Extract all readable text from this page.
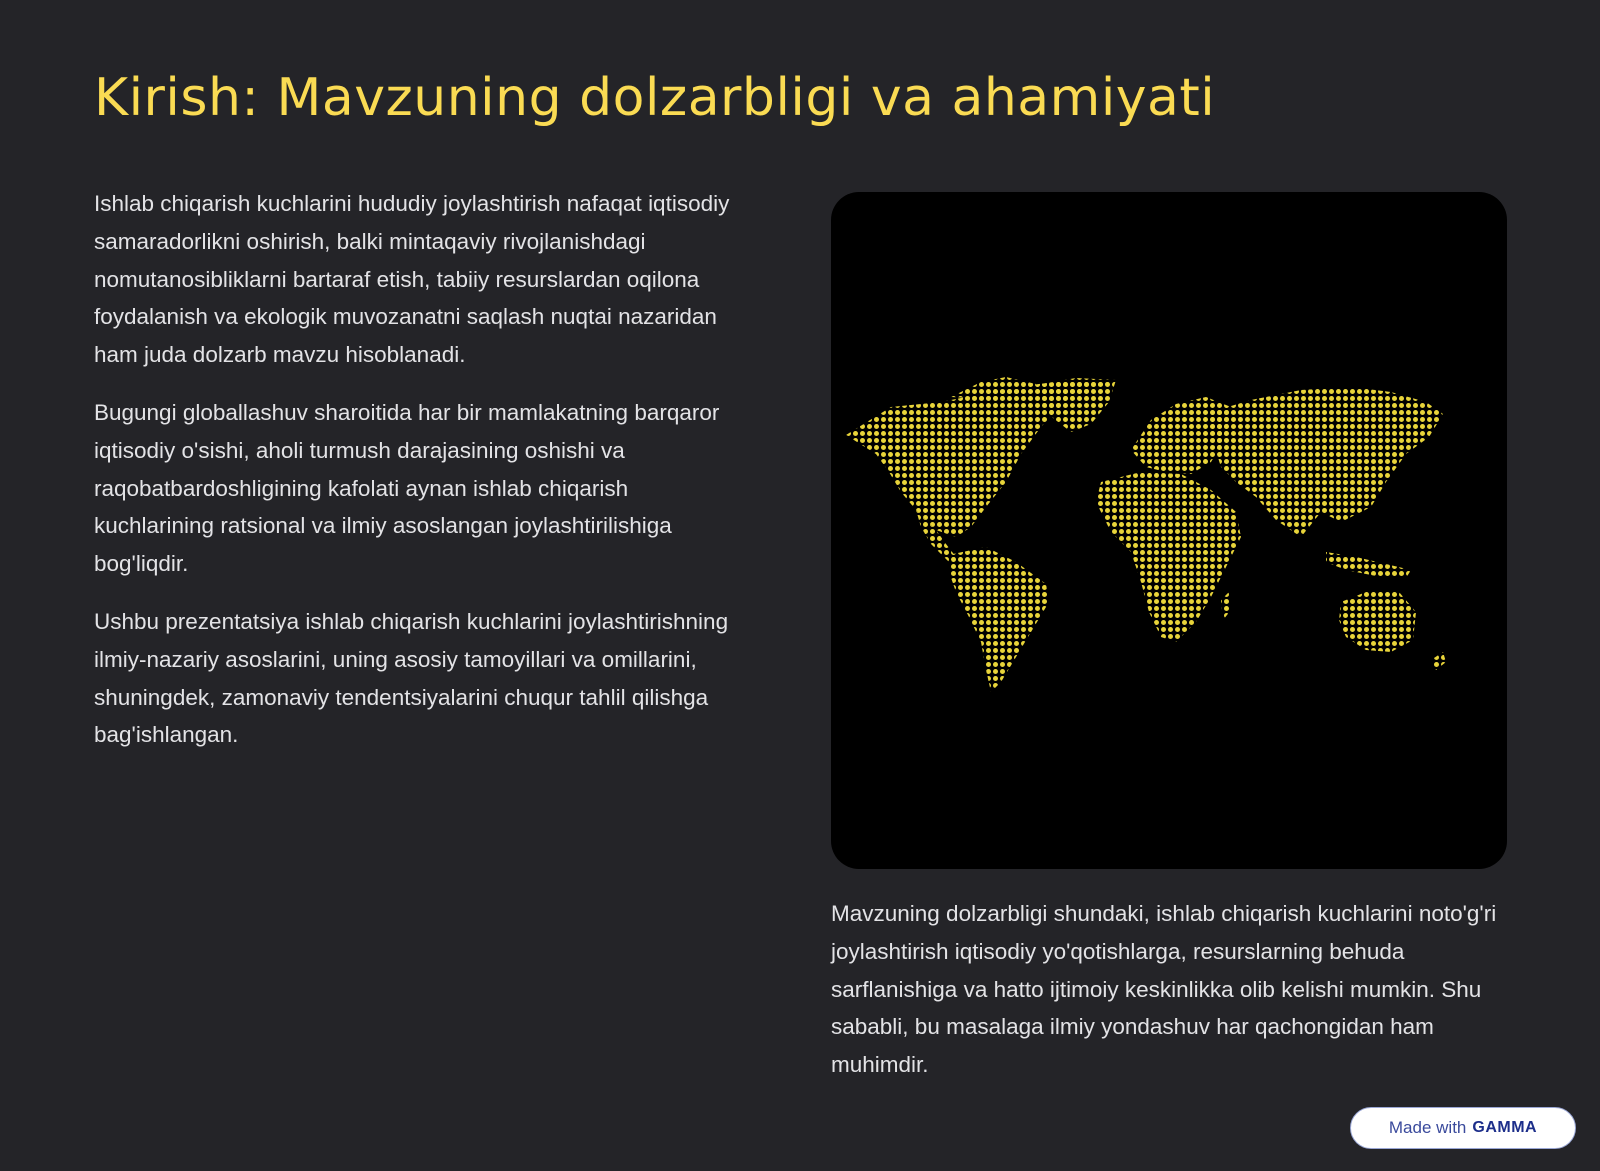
Kirish: Mavzuning dolzarbligi va ahamiyati

Ishlab chiqarish kuchlarini hududiy joylashtirish nafaqat iqtisodiy samaradorlikni oshirish, balki mintaqaviy rivojlanishdagi nomutanosibliklarni bartaraf etish, tabiiy resurslardan oqilona foydalanish va ekologik muvozanatni saqlash nuqtai nazaridan ham juda dolzarb mavzu hisoblanadi.

Bugungi globallashuv sharoitida har bir mamlakatning barqaror iqtisodiy o'sishi, aholi turmush darajasining oshishi va raqobatbardoshligining kafolati aynan ishlab chiqarish kuchlarining ratsional va ilmiy asoslangan joylashtirilishiga bog'liqdir.

Ushbu prezentatsiya ishlab chiqarish kuchlarini joylashtirishning ilmiy-nazariy asoslarini, uning asosiy tamoyillari va omillarini, shuningdek, zamonaviy tendentsiyalarini chuqur tahlil qilishga bag'ishlangan.

Mavzuning dolzarbligi shundaki, ishlab chiqarish kuchlarini noto'g'ri joylashtirish iqtisodiy yo'qotishlarga, resurslarning behuda sarflanishiga va hatto ijtimoiy keskinlikka olib kelishi mumkin. Shu sababli, bu masalaga ilmiy yondashuv har qachongidan ham muhimdir.

Made with GAMMA
